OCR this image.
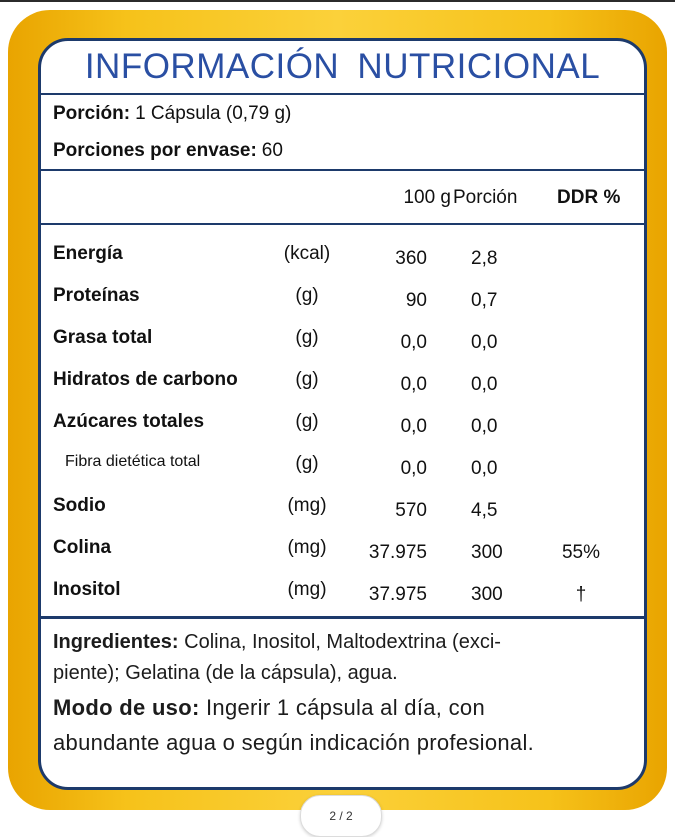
INFORMACIÓN NUTRICIONAL
Porción: 1 Cápsula (0,79 g)
Porciones por envase: 60
100 g Porción DDR %
Energía	(kcal)	360 2,8
Proteínas	(g)	90 0,7
Grasa total	(g)	0,0 0,0
Hidratos de carbono	(g)	0,0 0,0
Azúcares totales	(g)	0,0 0,0
Fibra dietética total	(g)	0,0 0,0
Sodio	(mg)	570 4,5
Colina	(mg)	37.975 300	55%
Inositol	(mg)	37.975 300	†
Ingredientes: Colina, Inositol, Maltodextrina (exci-
piente); Gelatina (de la cápsula), agua.
Modo de uso: Ingerir 1 cápsula al día, con
abundante agua o según indicación profesional.
2 / 2
